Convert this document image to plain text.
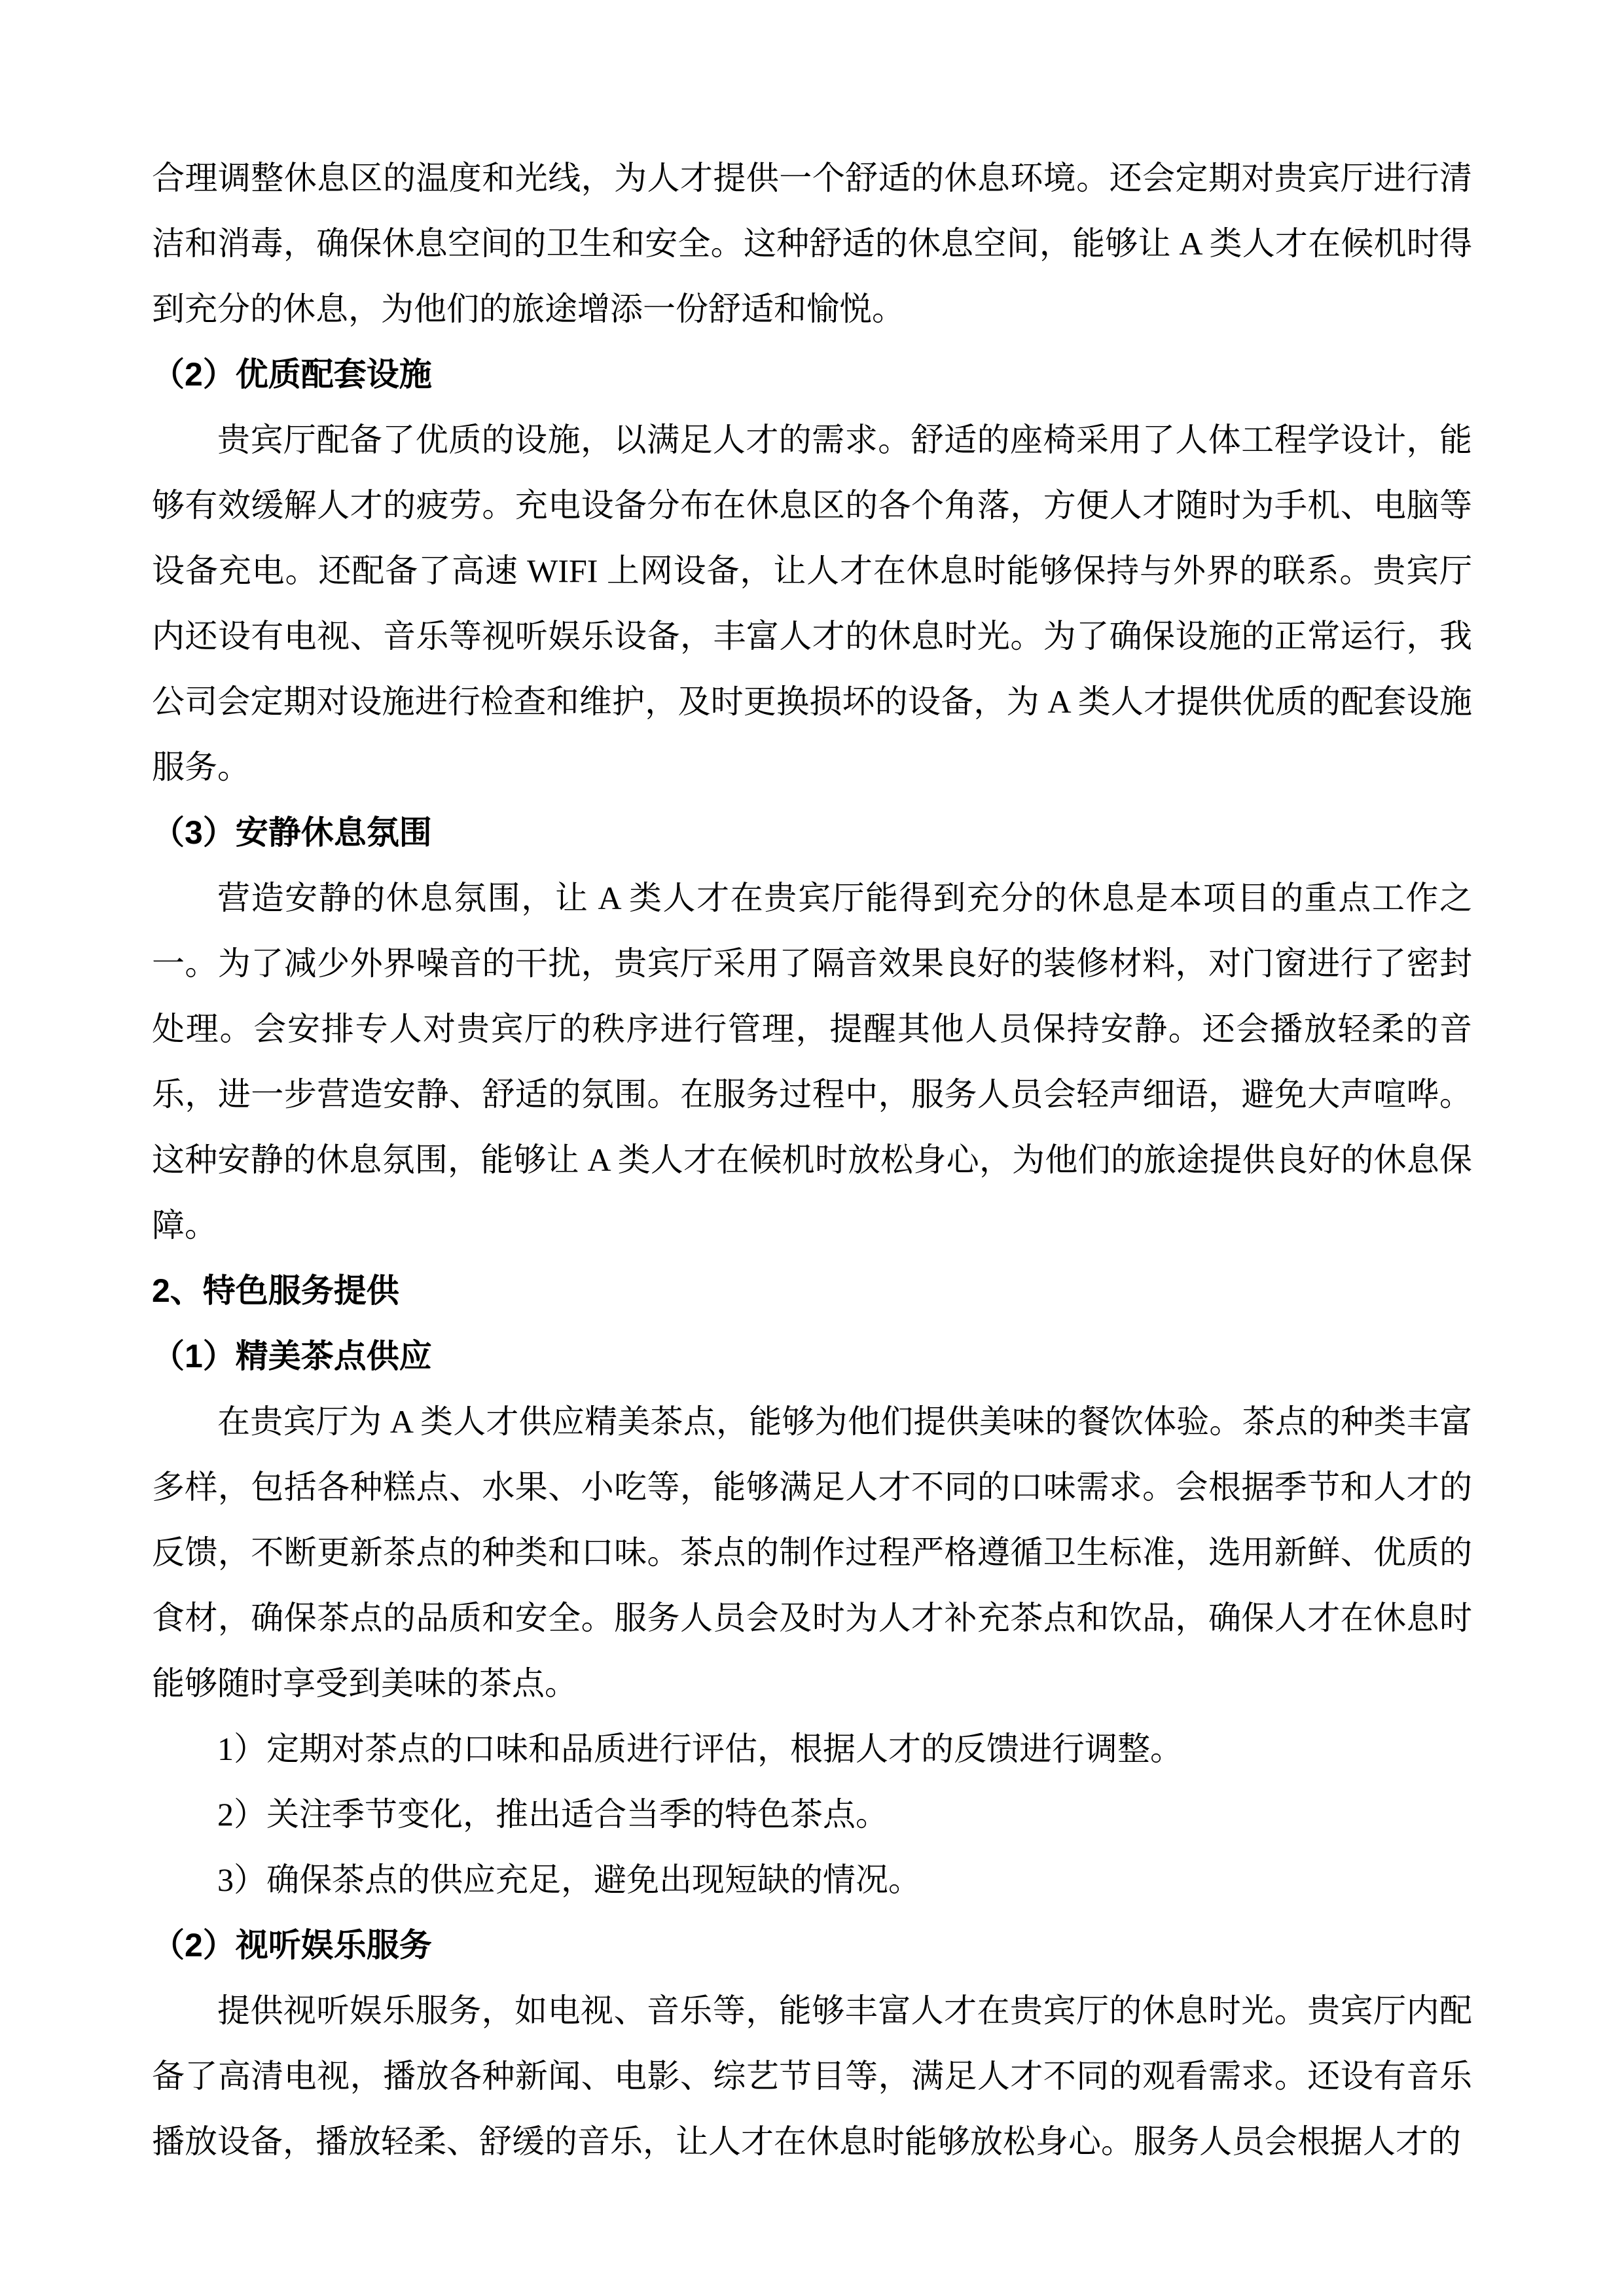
合理调整休息区的温度和光线，为人才提供一个舒适的休息环境。还会定期对贵宾厅进行清洁和消毒，确保休息空间的卫生和安全。这种舒适的休息空间，能够让 A 类人才在候机时得到充分的休息，为他们的旅途增添一份舒适和愉悦。

（2）优质配套设施

贵宾厅配备了优质的设施，以满足人才的需求。舒适的座椅采用了人体工程学设计，能够有效缓解人才的疲劳。充电设备分布在休息区的各个角落，方便人才随时为手机、电脑等设备充电。还配备了高速 WIFI 上网设备，让人才在休息时能够保持与外界的联系。贵宾厅内还设有电视、音乐等视听娱乐设备，丰富人才的休息时光。为了确保设施的正常运行，我公司会定期对设施进行检查和维护，及时更换损坏的设备，为 A 类人才提供优质的配套设施服务。

（3）安静休息氛围

营造安静的休息氛围，让 A 类人才在贵宾厅能得到充分的休息是本项目的重点工作之一。为了减少外界噪音的干扰，贵宾厅采用了隔音效果良好的装修材料，对门窗进行了密封处理。会安排专人对贵宾厅的秩序进行管理，提醒其他人员保持安静。还会播放轻柔的音乐，进一步营造安静、舒适的氛围。在服务过程中，服务人员会轻声细语，避免大声喧哗。这种安静的休息氛围，能够让 A 类人才在候机时放松身心，为他们的旅途提供良好的休息保障。

2、特色服务提供

（1）精美茶点供应

在贵宾厅为 A 类人才供应精美茶点，能够为他们提供美味的餐饮体验。茶点的种类丰富多样，包括各种糕点、水果、小吃等，能够满足人才不同的口味需求。会根据季节和人才的反馈，不断更新茶点的种类和口味。茶点的制作过程严格遵循卫生标准，选用新鲜、优质的食材，确保茶点的品质和安全。服务人员会及时为人才补充茶点和饮品，确保人才在休息时能够随时享受到美味的茶点。

1）定期对茶点的口味和品质进行评估，根据人才的反馈进行调整。

2）关注季节变化，推出适合当季的特色茶点。

3）确保茶点的供应充足，避免出现短缺的情况。

（2）视听娱乐服务

提供视听娱乐服务，如电视、音乐等，能够丰富人才在贵宾厅的休息时光。贵宾厅内配备了高清电视，播放各种新闻、电影、综艺节目等，满足人才不同的观看需求。还设有音乐播放设备，播放轻柔、舒缓的音乐，让人才在休息时能够放松身心。服务人员会根据人才的
